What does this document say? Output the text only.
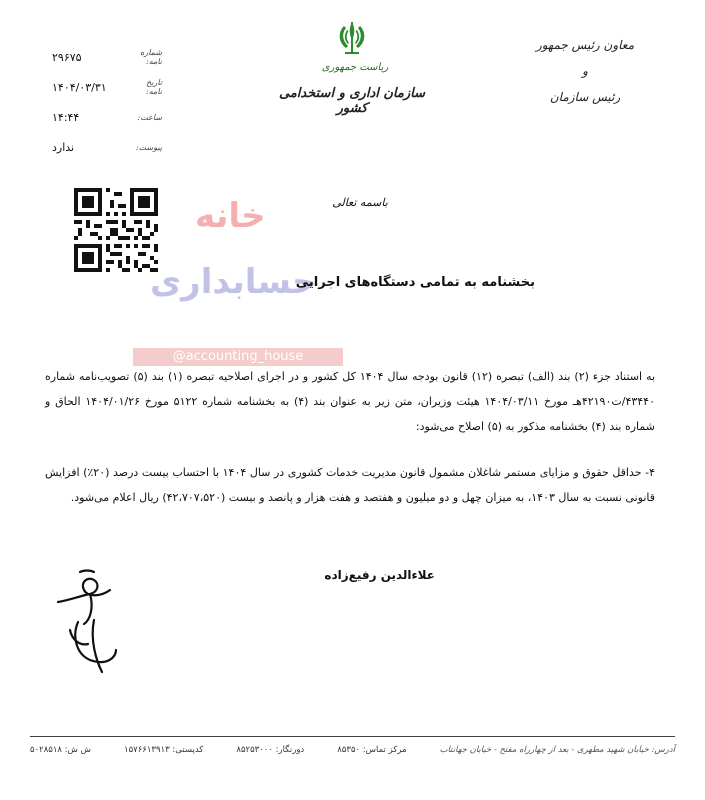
معاون رئیس جمهور
و
رئیس سازمان
ریاست جمهوری
سازمان اداری و استخدامی کشور
شماره نامه:
۲۹۶۷۵
تاریخ نامه:
۱۴۰۴/۰۳/۳۱
ساعت:
۱۴:۴۴
پیوست:
ندارد
باسمه تعالی
خانه
حسابداری
@accounting_house
بخشنامه به تمامی دستگاه‌های اجرایی
به استناد جزء (۲) بند (الف) تبصره (۱۲) قانون بودجه سال ۱۴۰۴ کل کشور و در اجرای اصلاحیه تبصره (۱) بند (۵) تصویب‌نامه شماره ۴۳۴۴۰/ت۴۲۱۹۰هـ مورخ ۱۴۰۴/۰۳/۱۱ هیئت وزیران، متن زیر به عنوان بند (۴) به بخشنامه شماره ۵۱۲۲ مورخ ۱۴۰۴/۰۱/۲۶ الحاق و شماره بند (۴) بخشنامه مذکور به (۵) اصلاح می‌شود:
۴- حداقل حقوق و مزایای مستمر شاغلان مشمول قانون مدیریت خدمات کشوری در سال ۱۴۰۴ با احتساب بیست درصد (۲۰٪) افزایش قانونی نسبت به سال ۱۴۰۳، به میزان چهل و دو میلیون و هفتصد و هفت هزار و پانصد و بیست (۴۲،۷۰۷،۵۲۰) ریال اعلام می‌شود.
علاءالدین رفیع‌زاده
آدرس: خیابان شهید مطهری - بعد از چهارراه مفتح - خیابان جهانتاب
مرکز تماس: ۸۵۳۵۰
دورنگار: ۸۵۲۵۳۰۰۰
کدپستی: ۱۵۷۶۶۱۳۹۱۳
ش ش: ۵۰۲۸۵۱۸
